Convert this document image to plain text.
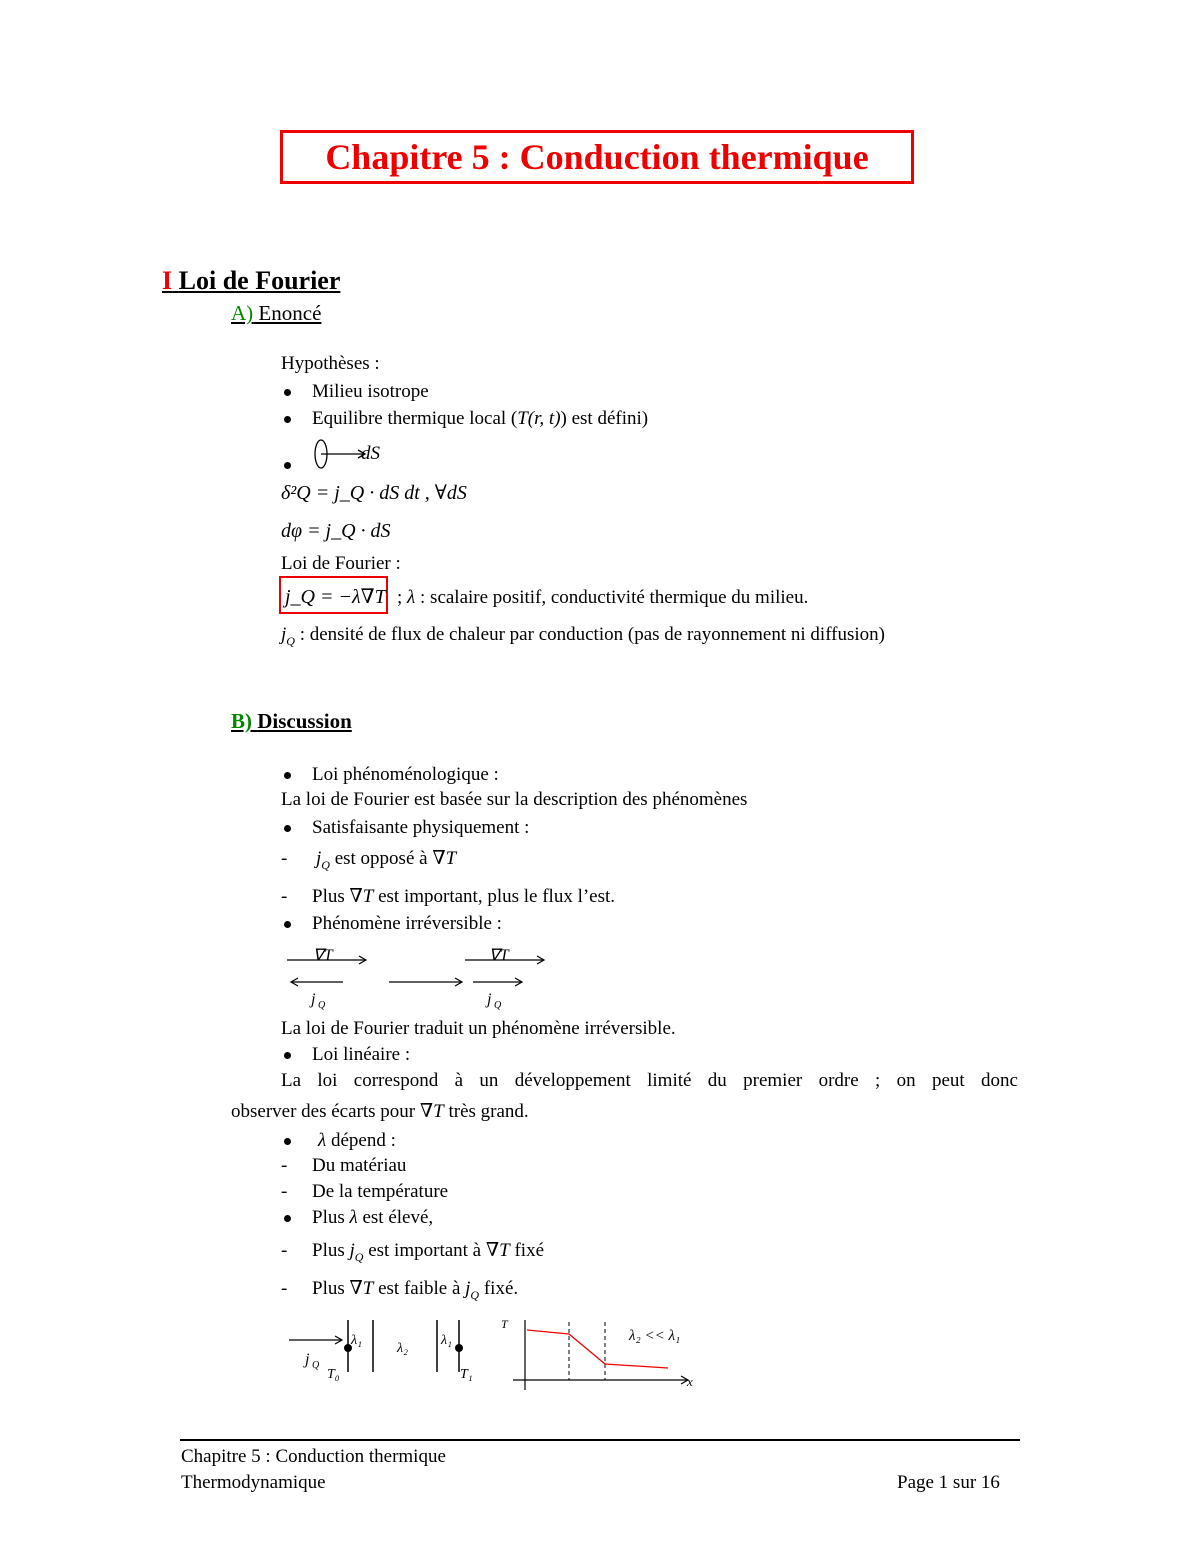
Chapitre 5 : Conduction thermique
I Loi de Fourier
A) Enoncé
Hypothèses :
Milieu isotrope
Equilibre thermique local (T(r, t)) est défini)
dS
δ²Q = j_Q · dS dt , ∀dS
dφ = j_Q · dS
Loi de Fourier :
j_Q = −λ∇T ; λ : scalaire positif, conductivité thermique du milieu.
$j_Q$ : densité de flux de chaleur par conduction (pas de rayonnement ni diffusion)
B) Discussion
Loi phénoménologique :
La loi de Fourier est basée sur la description des phénomènes
Satisfaisante physiquement :
- $j_Q$ est opposé à ∇T
- Plus ∇T est important, plus le flux l’est.
Phénomène irréversible :
∇T
j Q
∇T
j Q
La loi de Fourier traduit un phénomène irréversible.
Loi linéaire :
La loi correspond à un développement limité du premier ordre ; on peut donc
observer des écarts pour ∇T très grand.
λ dépend :
- Du matériau
- De la température
Plus λ est élevé,
- Plus $j_Q$ est important à ∇T fixé
- Plus ∇T est faible à $j_Q$ fixé.
j Q
λ₁
T₀
λ₂
λ₁
T₁
T
x
λ₂ << λ₁
Chapitre 5 : Conduction thermique
Thermodynamique	Page 1 sur 16
